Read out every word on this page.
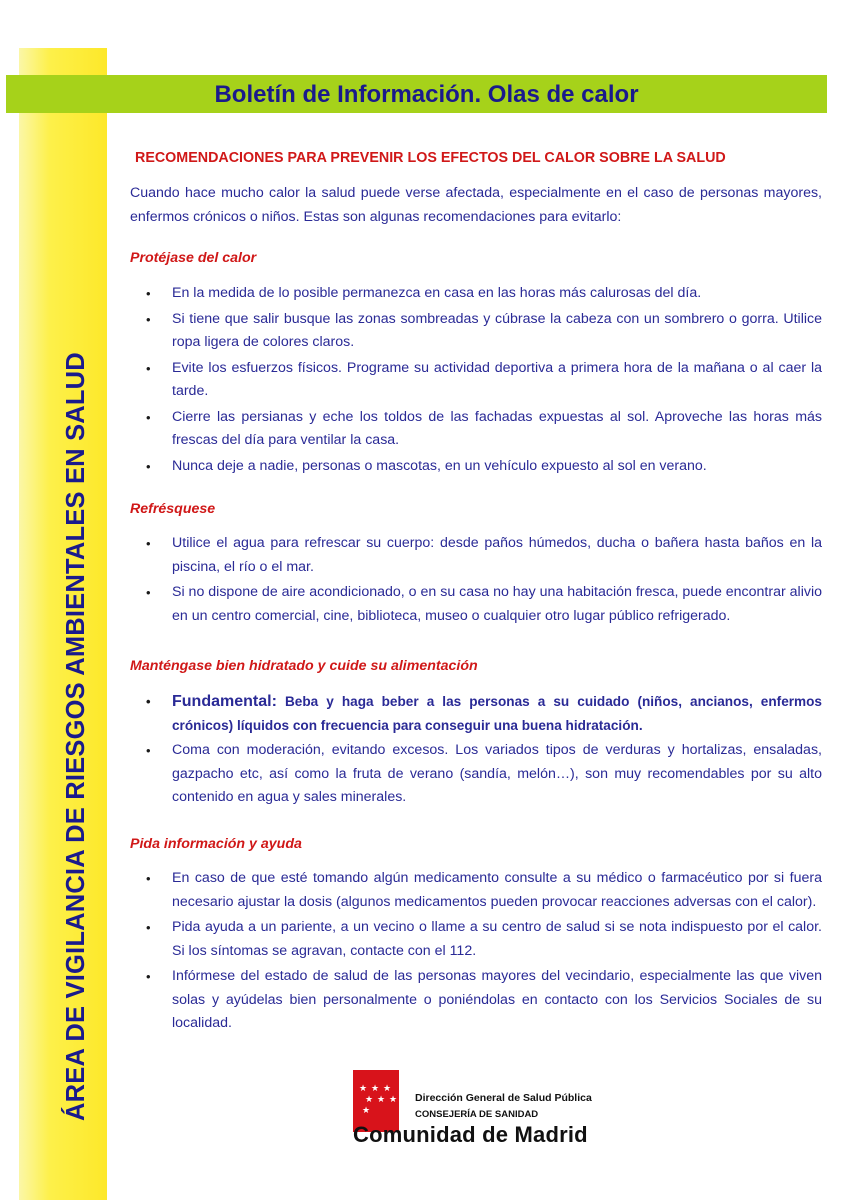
ÁREA DE VIGILANCIA DE RIESGOS AMBIENTALES EN SALUD
Boletín de Información. Olas de calor
RECOMENDACIONES PARA PREVENIR LOS EFECTOS DEL CALOR SOBRE LA SALUD

Cuando hace mucho calor la salud puede verse afectada, especialmente en el caso de personas mayores, enfermos crónicos o niños. Estas son algunas recomendaciones para evitarlo:

Protéjase del calor
• En la medida de lo posible permanezca en casa en las horas más calurosas del día.
• Si tiene que salir busque las zonas sombreadas y cúbrase la cabeza con un sombrero o gorra. Utilice ropa ligera de colores claros.
• Evite los esfuerzos físicos. Programe su actividad deportiva a primera hora de la mañana o al caer la tarde.
• Cierre las persianas y eche los toldos de las fachadas expuestas al sol. Aproveche las horas más frescas del día para ventilar la casa.
• Nunca deje a nadie, personas o mascotas, en un vehículo expuesto al sol en verano.
Refrésquese
• Utilice el agua para refrescar su cuerpo: desde paños húmedos, ducha o bañera hasta baños en la piscina, el río o el mar.
• Si no dispone de aire acondicionado, o en su casa no hay una habitación fresca, puede encontrar alivio en un centro comercial, cine, biblioteca, museo o cualquier otro lugar público refrigerado.
Manténgase bien hidratado y cuide su alimentación
• Fundamental: Beba y haga beber a las personas a su cuidado (niños, ancianos, enfermos crónicos) líquidos con frecuencia para conseguir una buena hidratación.
• Coma con moderación, evitando excesos. Los variados tipos de verduras y hortalizas, ensaladas, gazpacho etc, así como la fruta de verano (sandía, melón…), son muy recomendables por su alto contenido en agua y sales minerales.
Pida información y ayuda
• En caso de que esté tomando algún medicamento consulte a su médico o farmacéutico por si fuera necesario ajustar la dosis (algunos medicamentos pueden provocar reacciones adversas con el calor).
• Pida ayuda a un pariente, a un vecino o llame a su centro de salud si se nota indispuesto por el calor. Si los síntomas se agravan, contacte con el 112.
• Infórmese del estado de salud de las personas mayores del vecindario, especialmente las que viven solas y ayúdelas bien personalmente o poniéndolas en contacto con los Servicios Sociales de su localidad.
★ ★ ★
★ ★ ★
★
Dirección General de Salud Pública
CONSEJERÍA DE SANIDAD
Comunidad de Madrid
